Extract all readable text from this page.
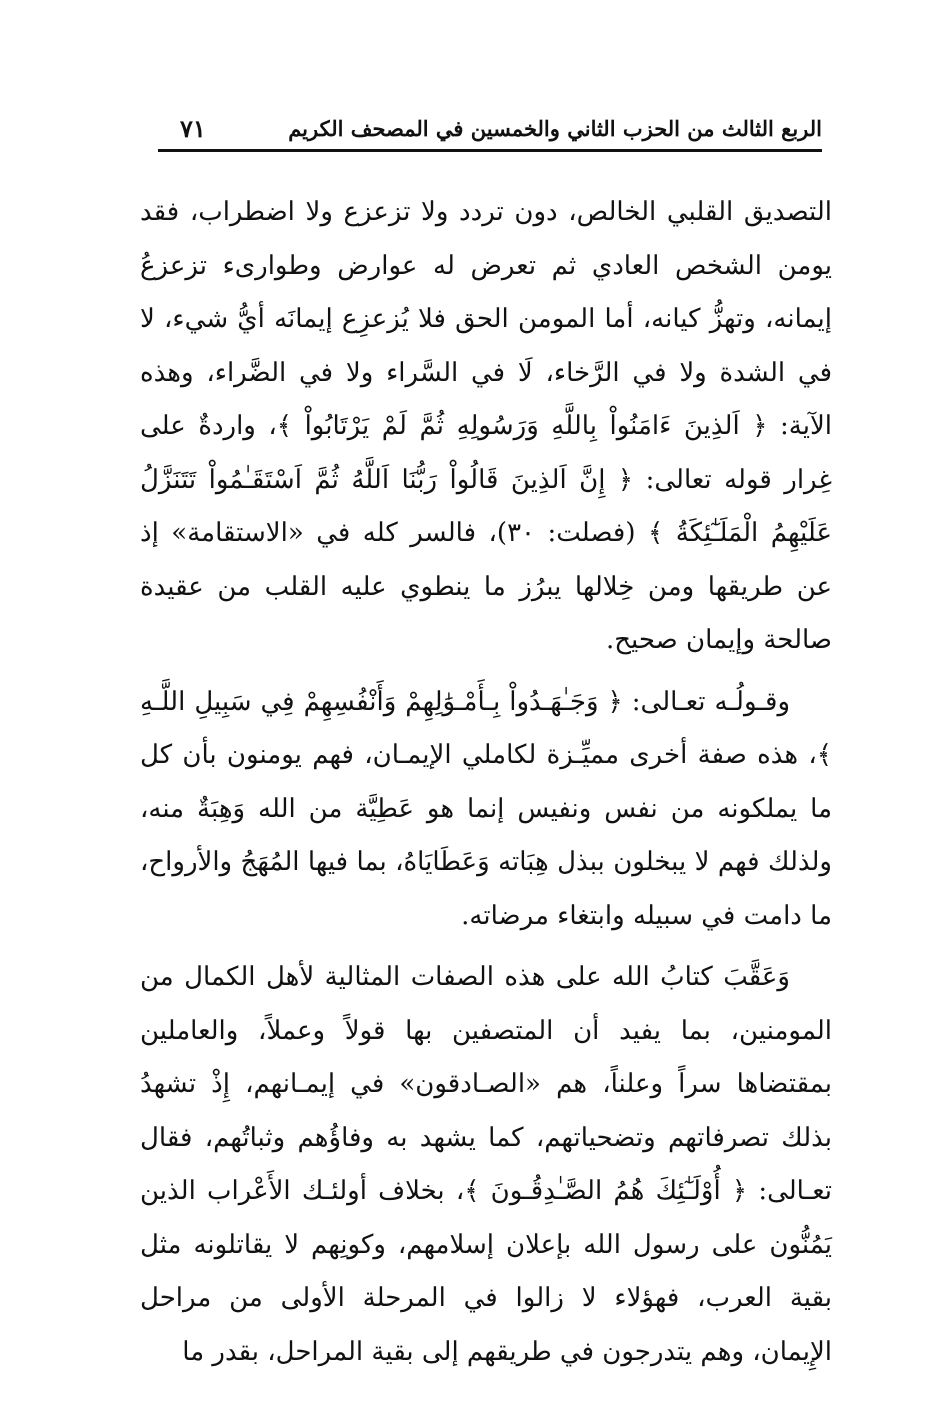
الربع الثالث من الحزب الثاني والخمسين في المصحف الكريم
٧١

التصديق القلبي الخالص، دون تردد ولا تزعزع ولا اضطراب، فقد يومن الشخص العادي ثم تعرض له عوارض وطوارىء تزعزعُ إيمانه، وتهزُّ كيانه، أما المومن الحق فلا يُزعزِع إيمانَه أيُّ شيء، لا في الشدة ولا في الرَّخاء، لَا في السَّراء ولا في الضَّراء، وهذه الآية: ﴿ اَلذِينَ ءَامَنُواْ بِاللَّهِ وَرَسُولِهِ ثُمَّ لَمْ يَرْتَابُواْ ﴾، واردةٌ على غِرار قوله تعالى: ﴿ إِنَّ اَلذِينَ قَالُواْ رَبُّنَا اَللَّهُ ثُمَّ اَسْتَقَـٰمُواْ تَتَنَزَّلُ عَلَيْهِمُ الْمَلَـٰٓئِكَةُ ﴾ (فصلت: ٣٠)، فالسر كله في «الاستقامة» إذ عن طريقها ومن خِلالها يبرُز ما ينطوي عليه القلب من عقيدة صالحة وإيمان صحيح.

وقـولُـه تعـالى: ﴿ وَجَـٰهَـدُواْ بِـأَمْـوَٰلِهِمْ وَأَنْفُسِهِمْ فِي سَبِيلِ اللَّـهِ ﴾، هذه صفة أخرى مميِّـزة لكاملي الإيمـان، فهم يومنون بأن كل ما يملكونه من نفس ونفيس إنما هو عَطِيَّة من الله وَهِبَةٌ منه، ولذلك فهم لا يبخلون ببذل هِبَاته وَعَطَايَاهُ، بما فيها المُهَجُ والأرواح، ما دامت في سبيله وابتغاء مرضاته.

وَعَقَّبَ كتابُ الله على هذه الصفات المثالية لأهل الكمال من المومنين، بما يفيد أن المتصفين بها قولاً وعملاً، والعاملين بمقتضاها سراً وعلناً، هم «الصـادقون» في إيمـانهم، إِذْ تشهدُ بذلك تصرفاتهم وتضحياتهم، كما يشهد به وفاؤُهم وثباتُهم، فقال تعـالى: ﴿ أُوْلَـٰٓئِكَ هُمُ الصَّـٰدِقُـونَ ﴾، بخلاف أولئـك الأَعْراب الذين يَمُنُّون على رسول الله بإعلان إسلامهم، وكونِهم لا يقاتلونه مثل بقية العرب، فهؤلاء لا زالوا في المرحلة الأولى من مراحل الإِيمان، وهم يتدرجون في طريقهم إلى بقية المراحل، بقدر ما
